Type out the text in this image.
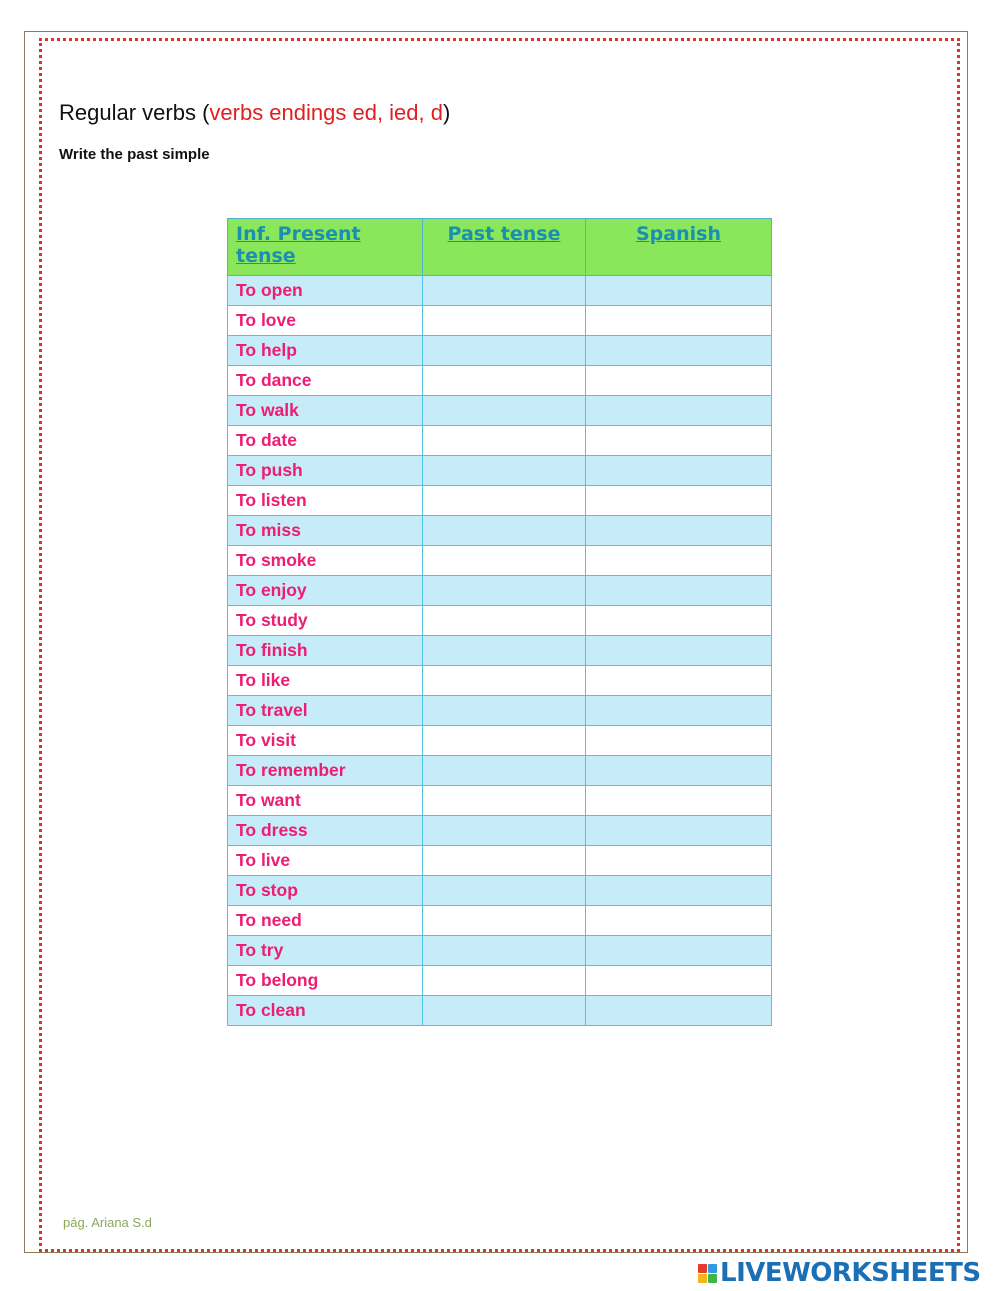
Regular verbs (verbs endings ed, ied, d)
Write the past simple
Inf. Present tense	Past tense	Spanish
To open		
To love		
To help		
To dance		
To walk		
To date		
To push		
To listen		
To miss		
To smoke		
To enjoy		
To study		
To finish		
To like		
To travel		
To visit		
To remember		
To want		
To dress		
To live		
To stop		
To need		
To try		
To belong		
To clean		
pág. Ariana S.d
LIVEWORKSHEETS
